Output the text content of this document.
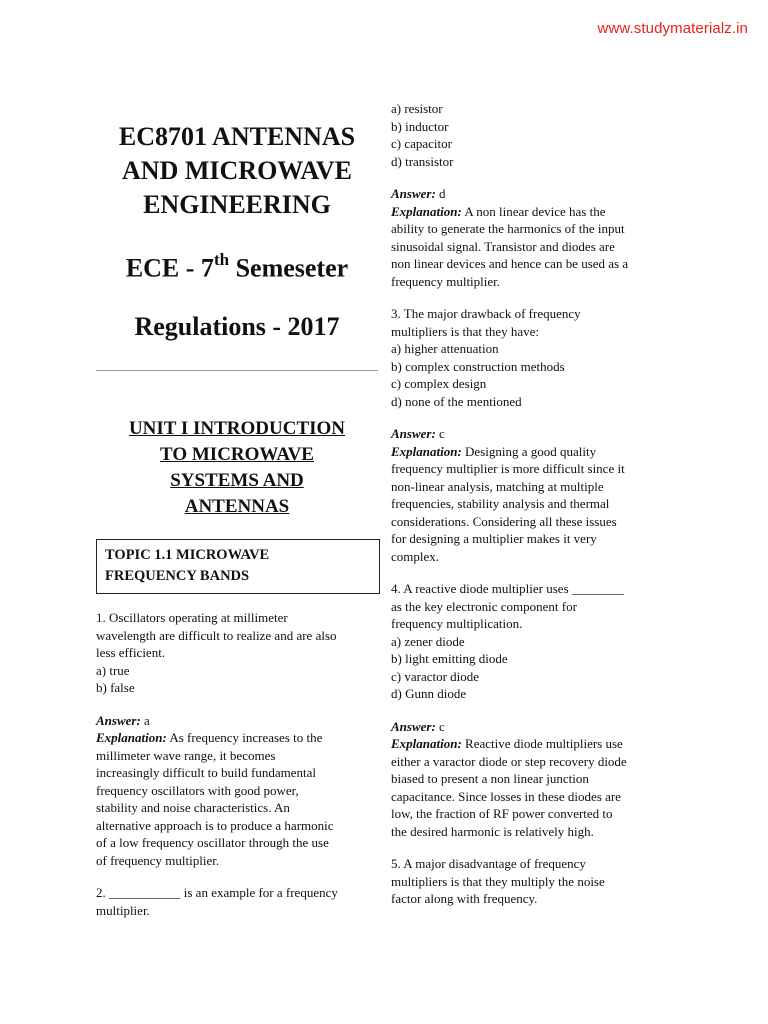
www.studymaterialz.in
EC8701 ANTENNAS
AND MICROWAVE
ENGINEERING
ECE - 7th Semeseter
Regulations - 2017
UNIT I INTRODUCTION
TO MICROWAVE
SYSTEMS AND
ANTENNAS
TOPIC 1.1 MICROWAVE
FREQUENCY BANDS

1. Oscillators operating at millimeter

wavelength are difficult to realize and are also

less efficient.

a) true

b) false

Answer: a

Explanation: As frequency increases to the

millimeter wave range, it becomes

increasingly difficult to build fundamental

frequency oscillators with good power,

stability and noise characteristics. An

alternative approach is to produce a harmonic

of a low frequency oscillator through the use

of frequency multiplier.

2. ___________ is an example for a frequency

multiplier.

a) resistor

b) inductor

c) capacitor

d) transistor

Answer: d

Explanation: A non linear device has the

ability to generate the harmonics of the input

sinusoidal signal. Transistor and diodes are

non linear devices and hence can be used as a

frequency multiplier.

3. The major drawback of frequency

multipliers is that they have:

a) higher attenuation

b) complex construction methods

c) complex design

d) none of the mentioned

Answer: c

Explanation: Designing a good quality

frequency multiplier is more difficult since it

non-linear analysis, matching at multiple

frequencies, stability analysis and thermal

considerations. Considering all these issues

for designing a multiplier makes it very

complex.

4. A reactive diode multiplier uses ________

as the key electronic component for

frequency multiplication.

a) zener diode

b) light emitting diode

c) varactor diode

d) Gunn diode

Answer: c

Explanation: Reactive diode multipliers use

either a varactor diode or step recovery diode

biased to present a non linear junction

capacitance. Since losses in these diodes are

low, the fraction of RF power converted to

the desired harmonic is relatively high.

5. A major disadvantage of frequency

multipliers is that they multiply the noise

factor along with frequency.
